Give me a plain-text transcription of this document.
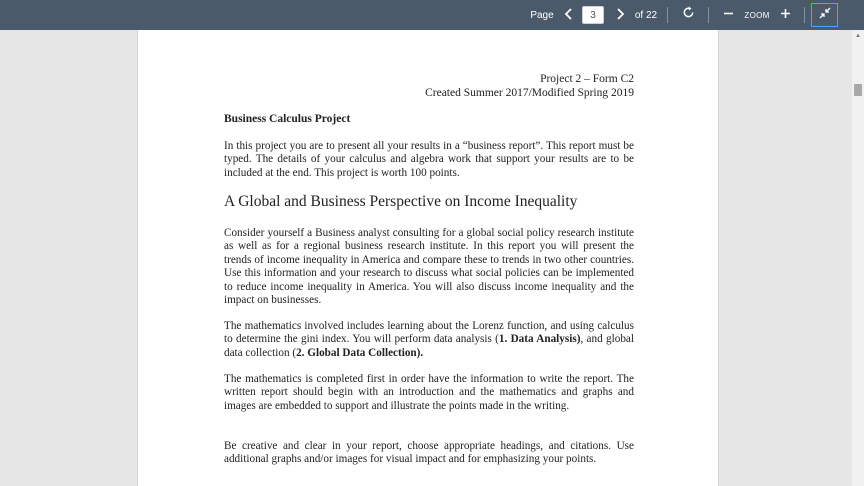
Page
3	of 22	ZOOM
Project 2 – Form C2
Created Summer 2017/Modified Spring 2019
Business Calculus Project
In this project you are to present all your results in a “business report”. This report must be typed. The details of your calculus and algebra work that support your results are to be included at the end. This project is worth 100 points.
A Global and Business Perspective on Income Inequality
Consider yourself a Business analyst consulting for a global social policy research institute as well as for a regional business research institute. In this report you will present the trends of income inequality in America and compare these to trends in two other countries. Use this information and your research to discuss what social policies can be implemented to reduce income inequality in America. You will also discuss income inequality and the impact on businesses.
The mathematics involved includes learning about the Lorenz function, and using calculus to determine the gini index. You will perform data analysis (1. Data Analysis), and global data collection (2. Global Data Collection).
The mathematics is completed first in order have the information to write the report. The written report should begin with an introduction and the mathematics and graphs and images are embedded to support and illustrate the points made in the writing.
Be creative and clear in your report, choose appropriate headings, and citations. Use additional graphs and/or images for visual impact and for emphasizing your points.
▲
